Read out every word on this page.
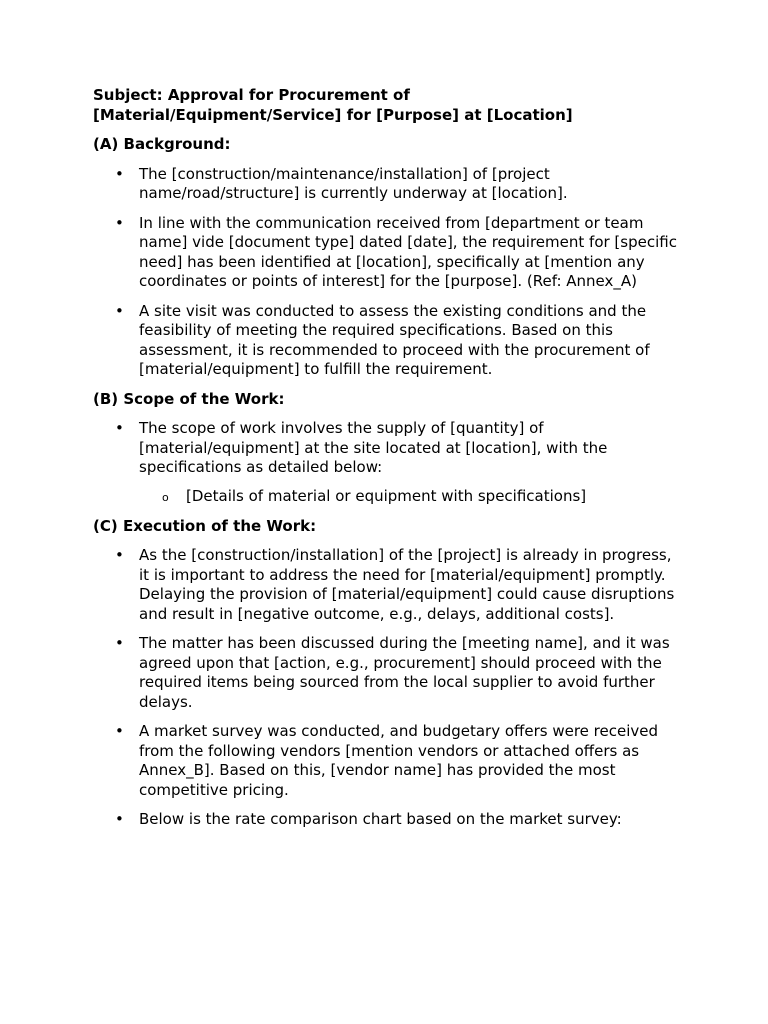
Subject: Approval for Procurement of
[Material/Equipment/Service] for [Purpose] at [Location]
(A) Background:
• The [construction/maintenance/installation] of [project name/road/structure] is currently underway at [location].
• In line with the communication received from [department or team name] vide [document type] dated [date], the requirement for [specific need] has been identified at [location], specifically at [mention any coordinates or points of interest] for the [purpose]. (Ref: Annex_A)
• A site visit was conducted to assess the existing conditions and the feasibility of meeting the required specifications. Based on this assessment, it is recommended to proceed with the procurement of [material/equipment] to fulfill the requirement.
(B) Scope of the Work:
• The scope of work involves the supply of [quantity] of [material/equipment] at the site located at [location], with the specifications as detailed below:
o [Details of material or equipment with specifications]
(C) Execution of the Work:
• As the [construction/installation] of the [project] is already in progress, it is important to address the need for [material/equipment] promptly. Delaying the provision of [material/equipment] could cause disruptions and result in [negative outcome, e.g., delays, additional costs].
• The matter has been discussed during the [meeting name], and it was agreed upon that [action, e.g., procurement] should proceed with the required items being sourced from the local supplier to avoid further delays.
• A market survey was conducted, and budgetary offers were received from the following vendors [mention vendors or attached offers as Annex_B]. Based on this, [vendor name] has provided the most competitive pricing.
• Below is the rate comparison chart based on the market survey:
